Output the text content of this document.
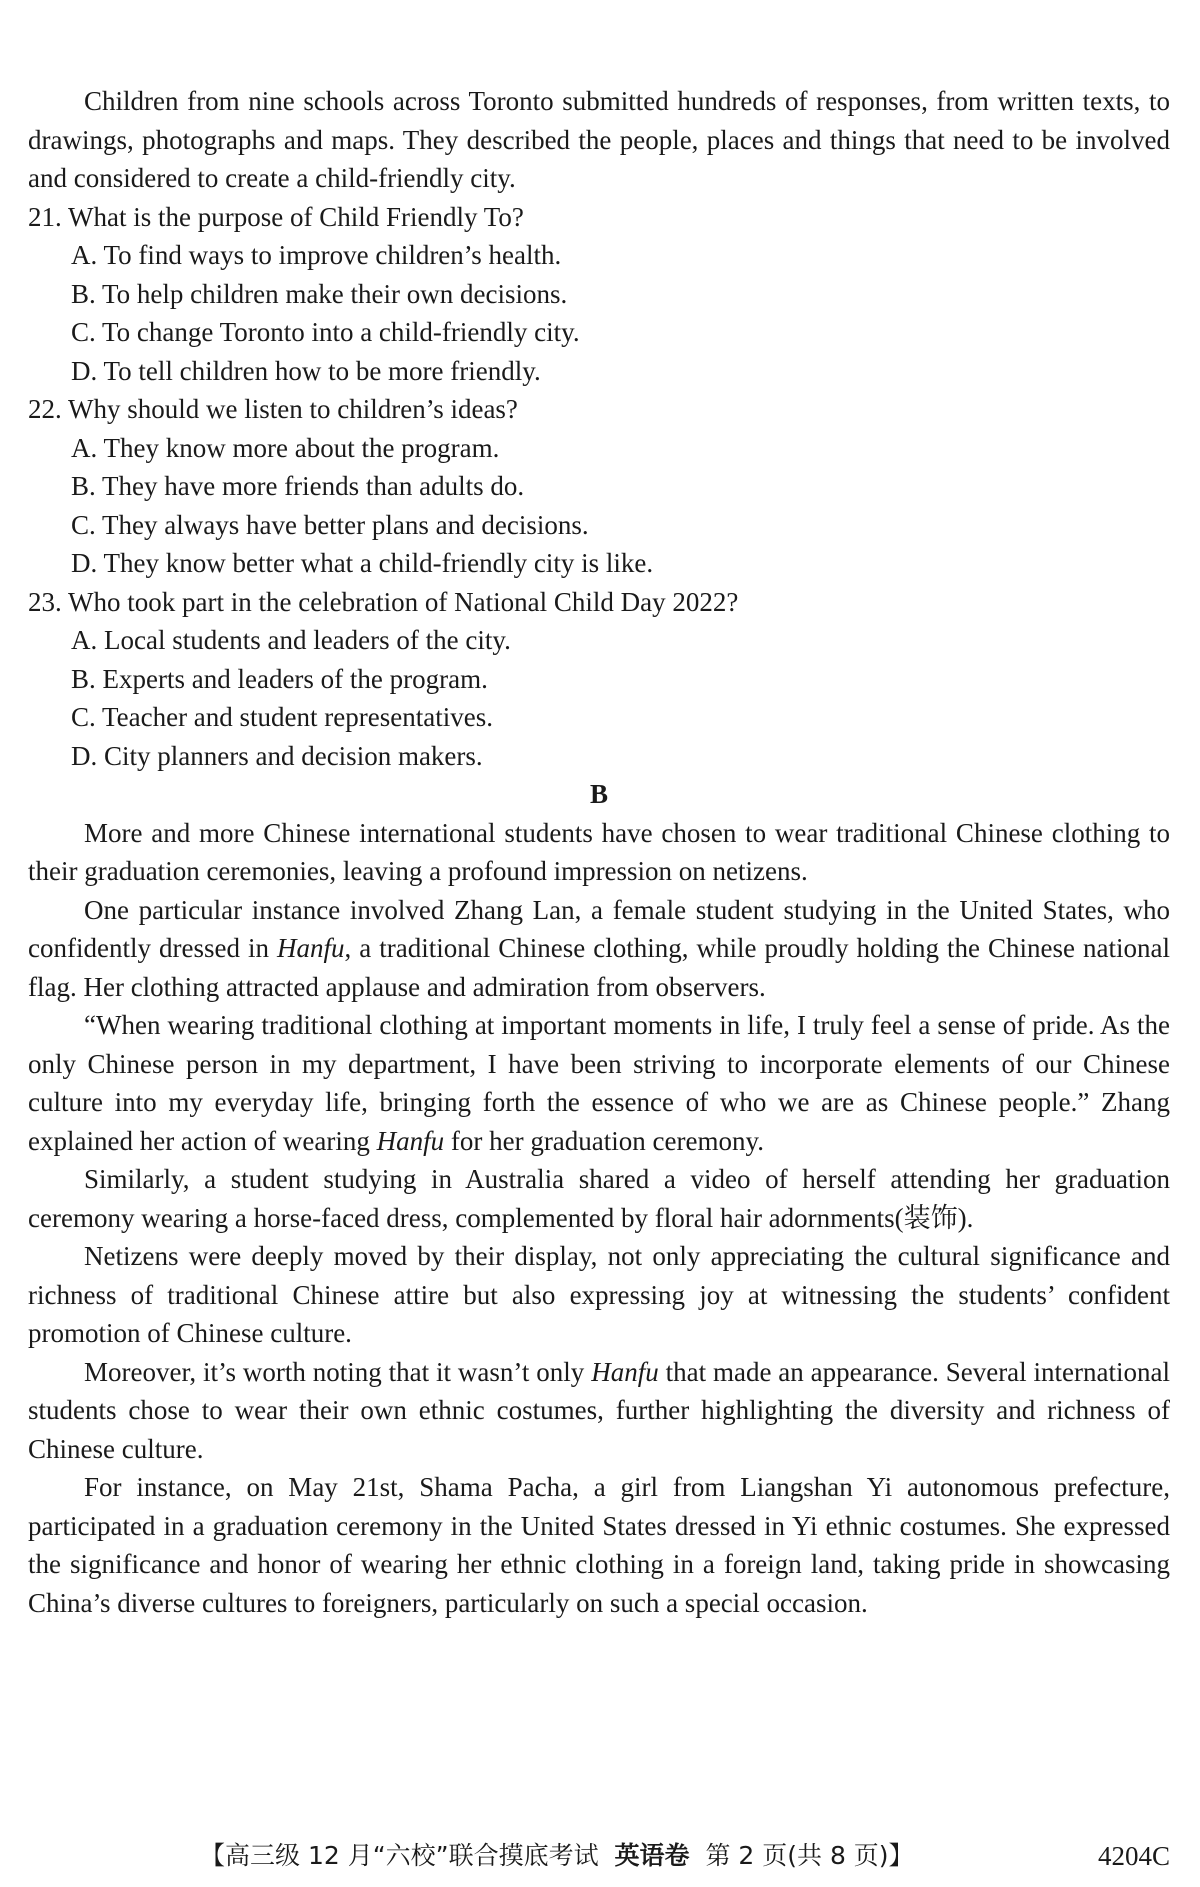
Children from nine schools across Toronto submitted hundreds of responses, from written texts, to drawings, photographs and maps. They described the people, places and things that need to be involved and considered to create a child-friendly city.

21. What is the purpose of Child Friendly To?

A. To find ways to improve children’s health.

B. To help children make their own decisions.

C. To change Toronto into a child-friendly city.

D. To tell children how to be more friendly.

22. Why should we listen to children’s ideas?

A. They know more about the program.

B. They have more friends than adults do.

C. They always have better plans and decisions.

D. They know better what a child-friendly city is like.

23. Who took part in the celebration of National Child Day 2022?

A. Local students and leaders of the city.

B. Experts and leaders of the program.

C. Teacher and student representatives.

D. City planners and decision makers.

B

More and more Chinese international students have chosen to wear traditional Chinese clothing to their graduation ceremonies, leaving a profound impression on netizens.

One particular instance involved Zhang Lan, a female student studying in the United States, who confidently dressed in Hanfu, a traditional Chinese clothing, while proudly holding the Chinese national flag. Her clothing attracted applause and admiration from observers.

“When wearing traditional clothing at important moments in life, I truly feel a sense of pride. As the only Chinese person in my department, I have been striving to incorporate elements of our Chinese culture into my everyday life, bringing forth the essence of who we are as Chinese people.” Zhang explained her action of wearing Hanfu for her graduation ceremony.

Similarly, a student studying in Australia shared a video of herself attending her graduation ceremony wearing a horse-faced dress, complemented by floral hair adornments(装饰).

Netizens were deeply moved by their display, not only appreciating the cultural significance and richness of traditional Chinese attire but also expressing joy at witnessing the students’ confident promotion of Chinese culture.

Moreover, it’s worth noting that it wasn’t only Hanfu that made an appearance. Several international students chose to wear their own ethnic costumes, further highlighting the diversity and richness of Chinese culture.

For instance, on May 21st, Shama Pacha, a girl from Liangshan Yi autonomous prefecture, participated in a graduation ceremony in the United States dressed in Yi ethnic costumes. She expressed the significance and honor of wearing her ethnic clothing in a foreign land, taking pride in showcasing China’s diverse cultures to foreigners, particularly on such a special occasion.

【高三级 12 月“六校”联合摸底考试 英语卷 第 2 页(共 8 页)】	4204C
